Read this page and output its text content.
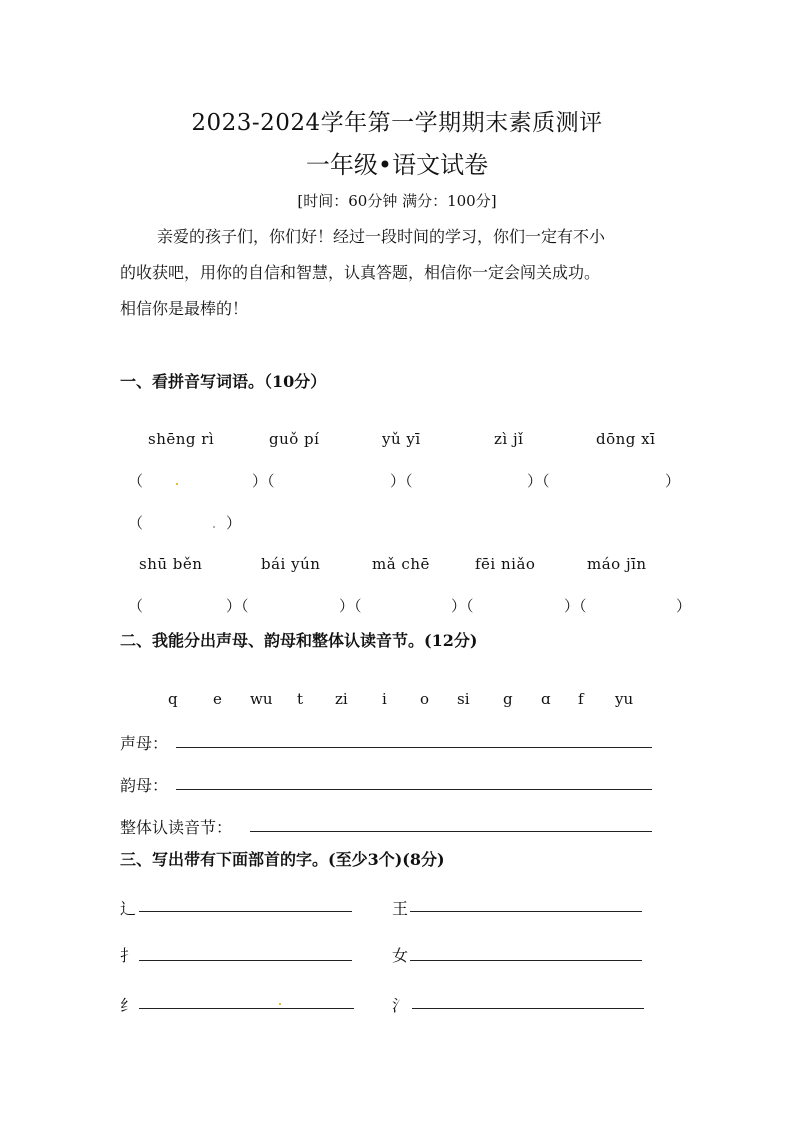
2023-2024学年第一学期期末素质测评
一年级•语文试卷
[时间：60分钟 满分：100分]
亲爱的孩子们，你们好！经过一段时间的学习，你们一定有不小
的收获吧，用你的自信和智慧，认真答题，相信你一定会闯关成功。
相信你是最棒的！
一、看拼音写词语。（10分）
shēng rì	guǒ pí	yǔ yī	zì jǐ	dōng xī
（	）（	）（	）（	）
（	）
shū běn	bái yún	mǎ chē	fēi niǎo	máo jīn
（	）（	）（	）（	）（	）
二、我能分出声母、韵母和整体认读音节。(12分)
q e wu t zi i o si g ɑ f yu
声母：
韵母：
整体认读音节：
三、写出带有下面部首的字。(至少3个)(8分)
辶	王
扌	女
纟	氵
